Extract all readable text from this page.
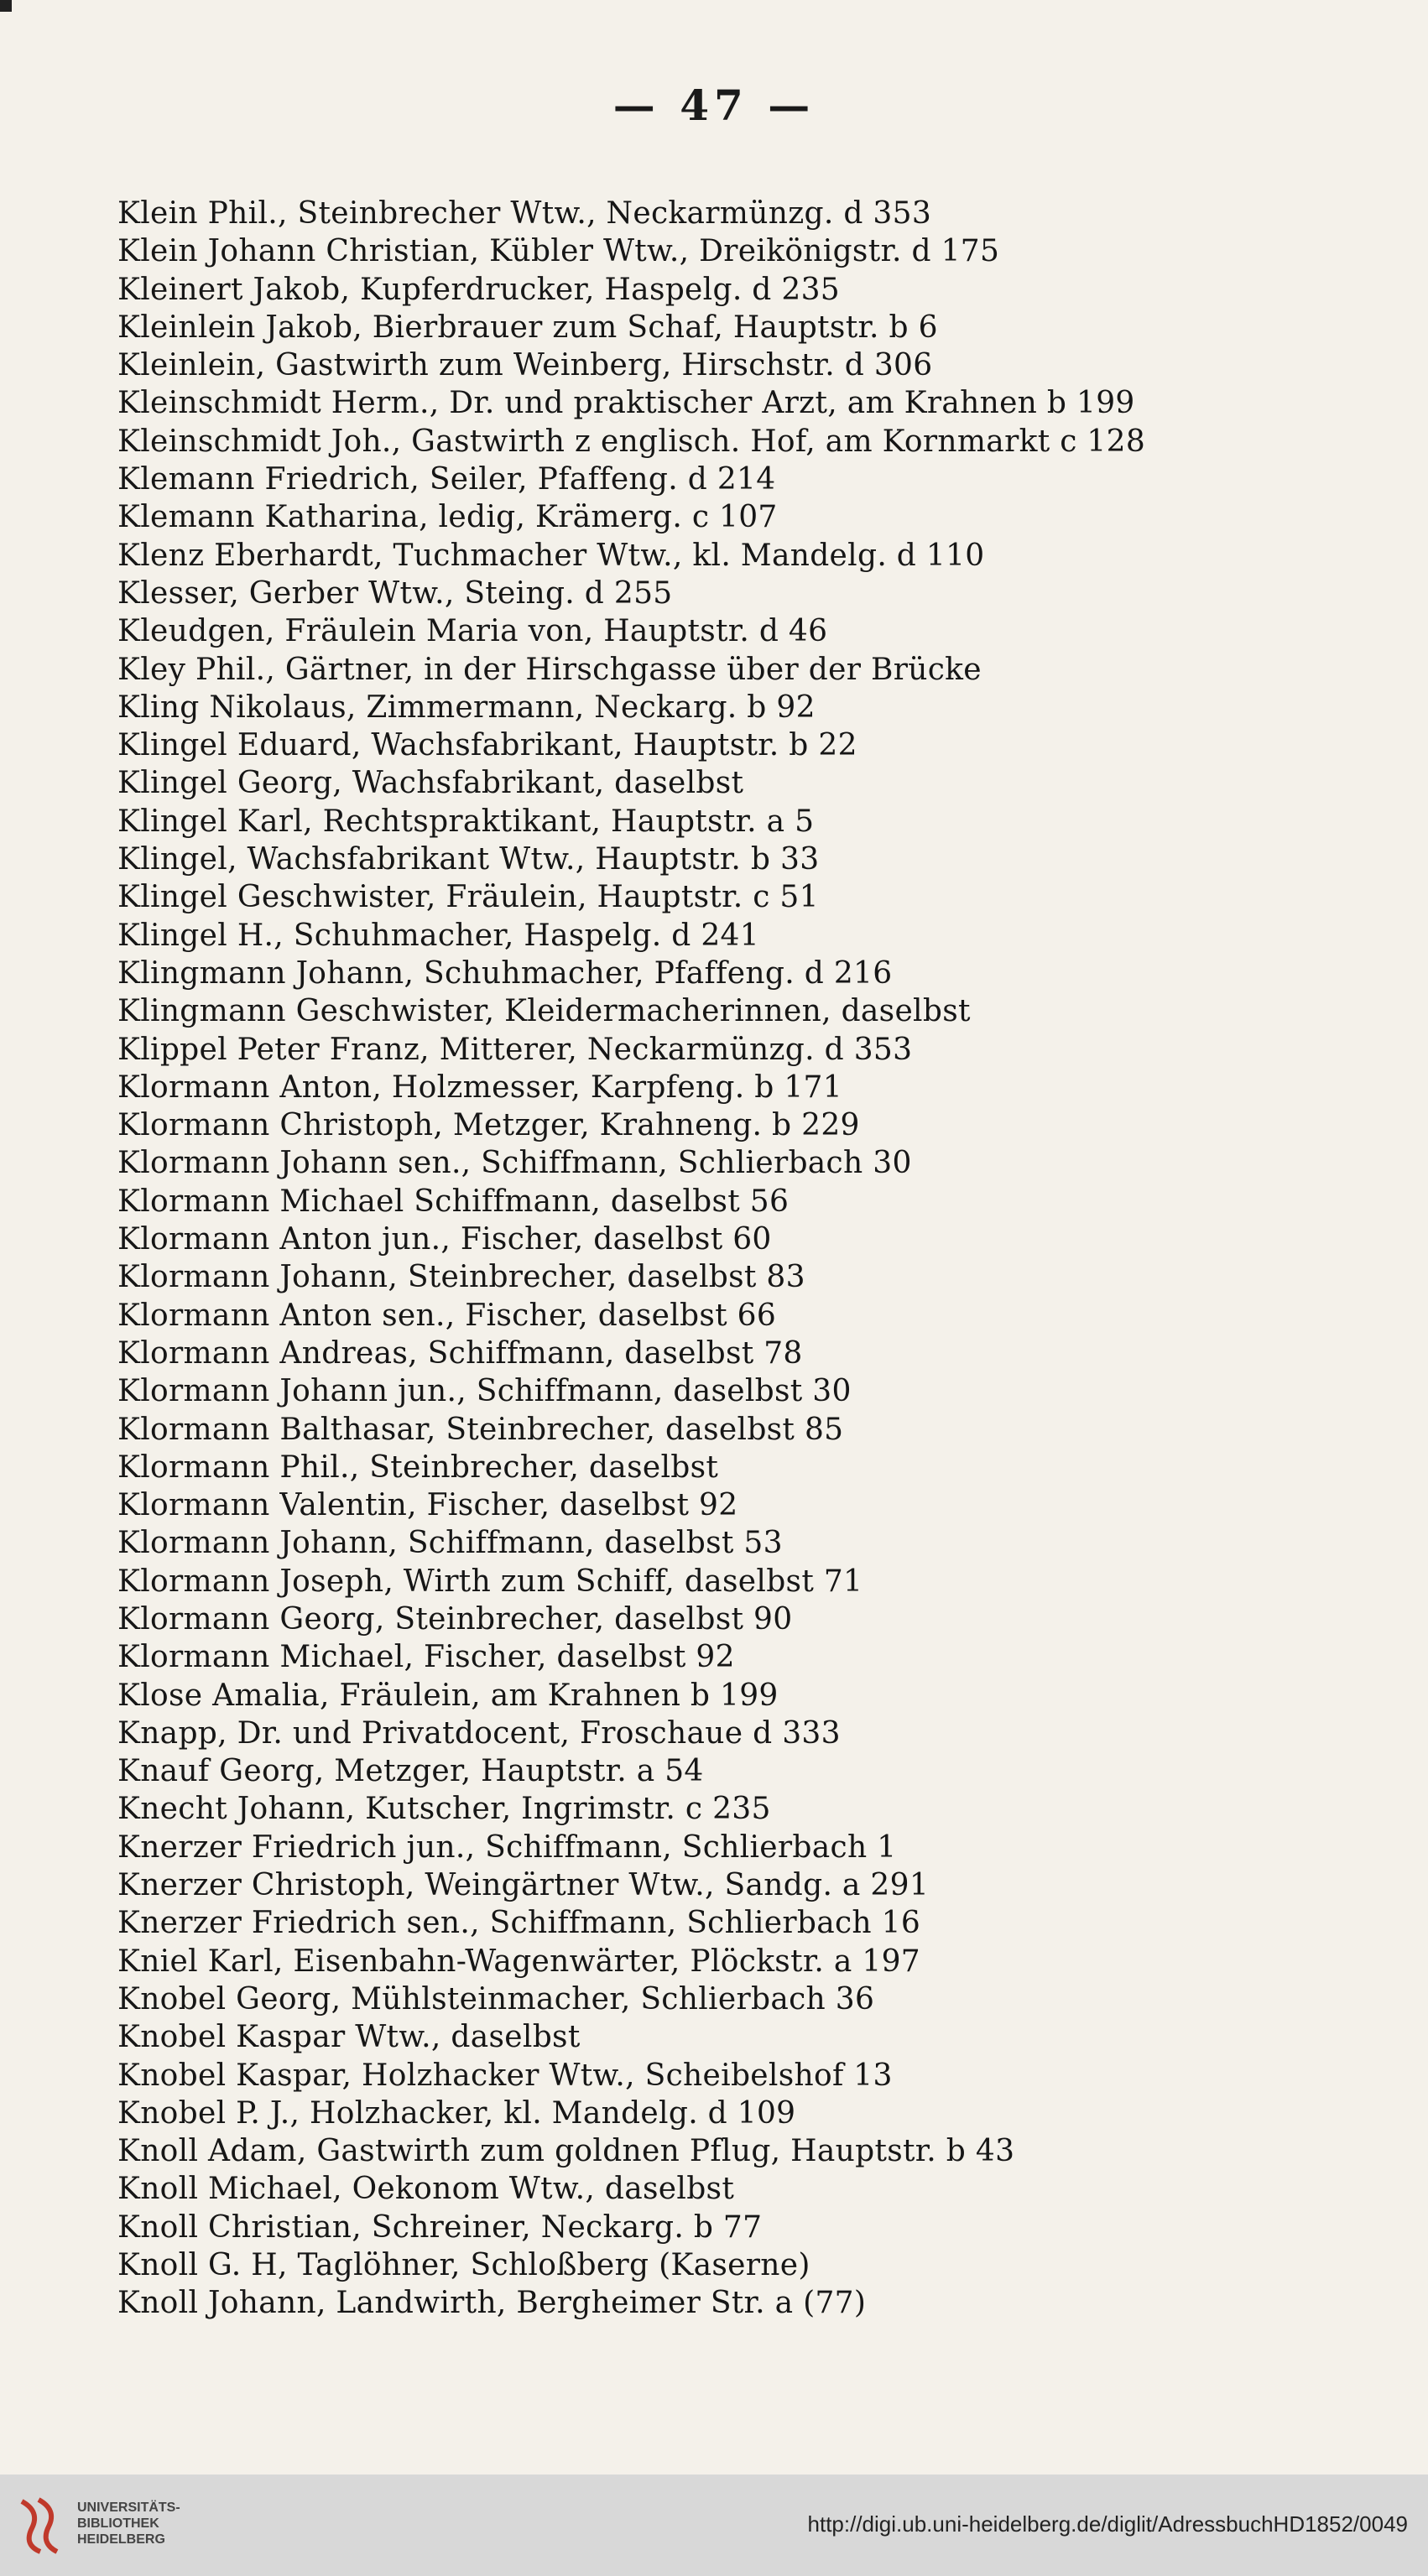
— 47 —
Klein Phil., Steinbrecher Wtw., Neckarmünzg. d 353
Klein Johann Christian, Kübler Wtw., Dreikönigstr. d 175
Kleinert Jakob, Kupferdrucker, Haspelg. d 235
Kleinlein Jakob, Bierbrauer zum Schaf, Hauptstr. b 6
Kleinlein, Gastwirth zum Weinberg, Hirschstr. d 306
Kleinschmidt Herm., Dr. und praktischer Arzt, am Krahnen b 199
Kleinschmidt Joh., Gastwirth z englisch. Hof, am Kornmarkt c 128
Klemann Friedrich, Seiler, Pfaffeng. d 214
Klemann Katharina, ledig, Krämerg. c 107
Klenz Eberhardt, Tuchmacher Wtw., kl. Mandelg. d 110
Klesser, Gerber Wtw., Steing. d 255
Kleudgen, Fräulein Maria von, Hauptstr. d 46
Kley Phil., Gärtner, in der Hirschgasse über der Brücke
Kling Nikolaus, Zimmermann, Neckarg. b 92
Klingel Eduard, Wachsfabrikant, Hauptstr. b 22
Klingel Georg, Wachsfabrikant, daselbst
Klingel Karl, Rechtspraktikant, Hauptstr. a 5
Klingel, Wachsfabrikant Wtw., Hauptstr. b 33
Klingel Geschwister, Fräulein, Hauptstr. c 51
Klingel H., Schuhmacher, Haspelg. d 241
Klingmann Johann, Schuhmacher, Pfaffeng. d 216
Klingmann Geschwister, Kleidermacherinnen, daselbst
Klippel Peter Franz, Mitterer, Neckarmünzg. d 353
Klormann Anton, Holzmesser, Karpfeng. b 171
Klormann Christoph, Metzger, Krahneng. b 229
Klormann Johann sen., Schiffmann, Schlierbach 30
Klormann Michael Schiffmann, daselbst 56
Klormann Anton jun., Fischer, daselbst 60
Klormann Johann, Steinbrecher, daselbst 83
Klormann Anton sen., Fischer, daselbst 66
Klormann Andreas, Schiffmann, daselbst 78
Klormann Johann jun., Schiffmann, daselbst 30
Klormann Balthasar, Steinbrecher, daselbst 85
Klormann Phil., Steinbrecher, daselbst
Klormann Valentin, Fischer, daselbst 92
Klormann Johann, Schiffmann, daselbst 53
Klormann Joseph, Wirth zum Schiff, daselbst 71
Klormann Georg, Steinbrecher, daselbst 90
Klormann Michael, Fischer, daselbst 92
Klose Amalia, Fräulein, am Krahnen b 199
Knapp, Dr. und Privatdocent, Froschaue d 333
Knauf Georg, Metzger, Hauptstr. a 54
Knecht Johann, Kutscher, Ingrimstr. c 235
Knerzer Friedrich jun., Schiffmann, Schlierbach 1
Knerzer Christoph, Weingärtner Wtw., Sandg. a 291
Knerzer Friedrich sen., Schiffmann, Schlierbach 16
Kniel Karl, Eisenbahn-Wagenwärter, Plöckstr. a 197
Knobel Georg, Mühlsteinmacher, Schlierbach 36
Knobel Kaspar Wtw., daselbst
Knobel Kaspar, Holzhacker Wtw., Scheibelshof 13
Knobel P. J., Holzhacker, kl. Mandelg. d 109
Knoll Adam, Gastwirth zum goldnen Pflug, Hauptstr. b 43
Knoll Michael, Oekonom Wtw., daselbst
Knoll Christian, Schreiner, Neckarg. b 77
Knoll G. H, Taglöhner, Schloßberg (Kaserne)
Knoll Johann, Landwirth, Bergheimer Str. a (77)
UNIVERSITÄTS-
BIBLIOTHEK
HEIDELBERG
http://digi.ub.uni-heidelberg.de/diglit/AdressbuchHD1852/0049
